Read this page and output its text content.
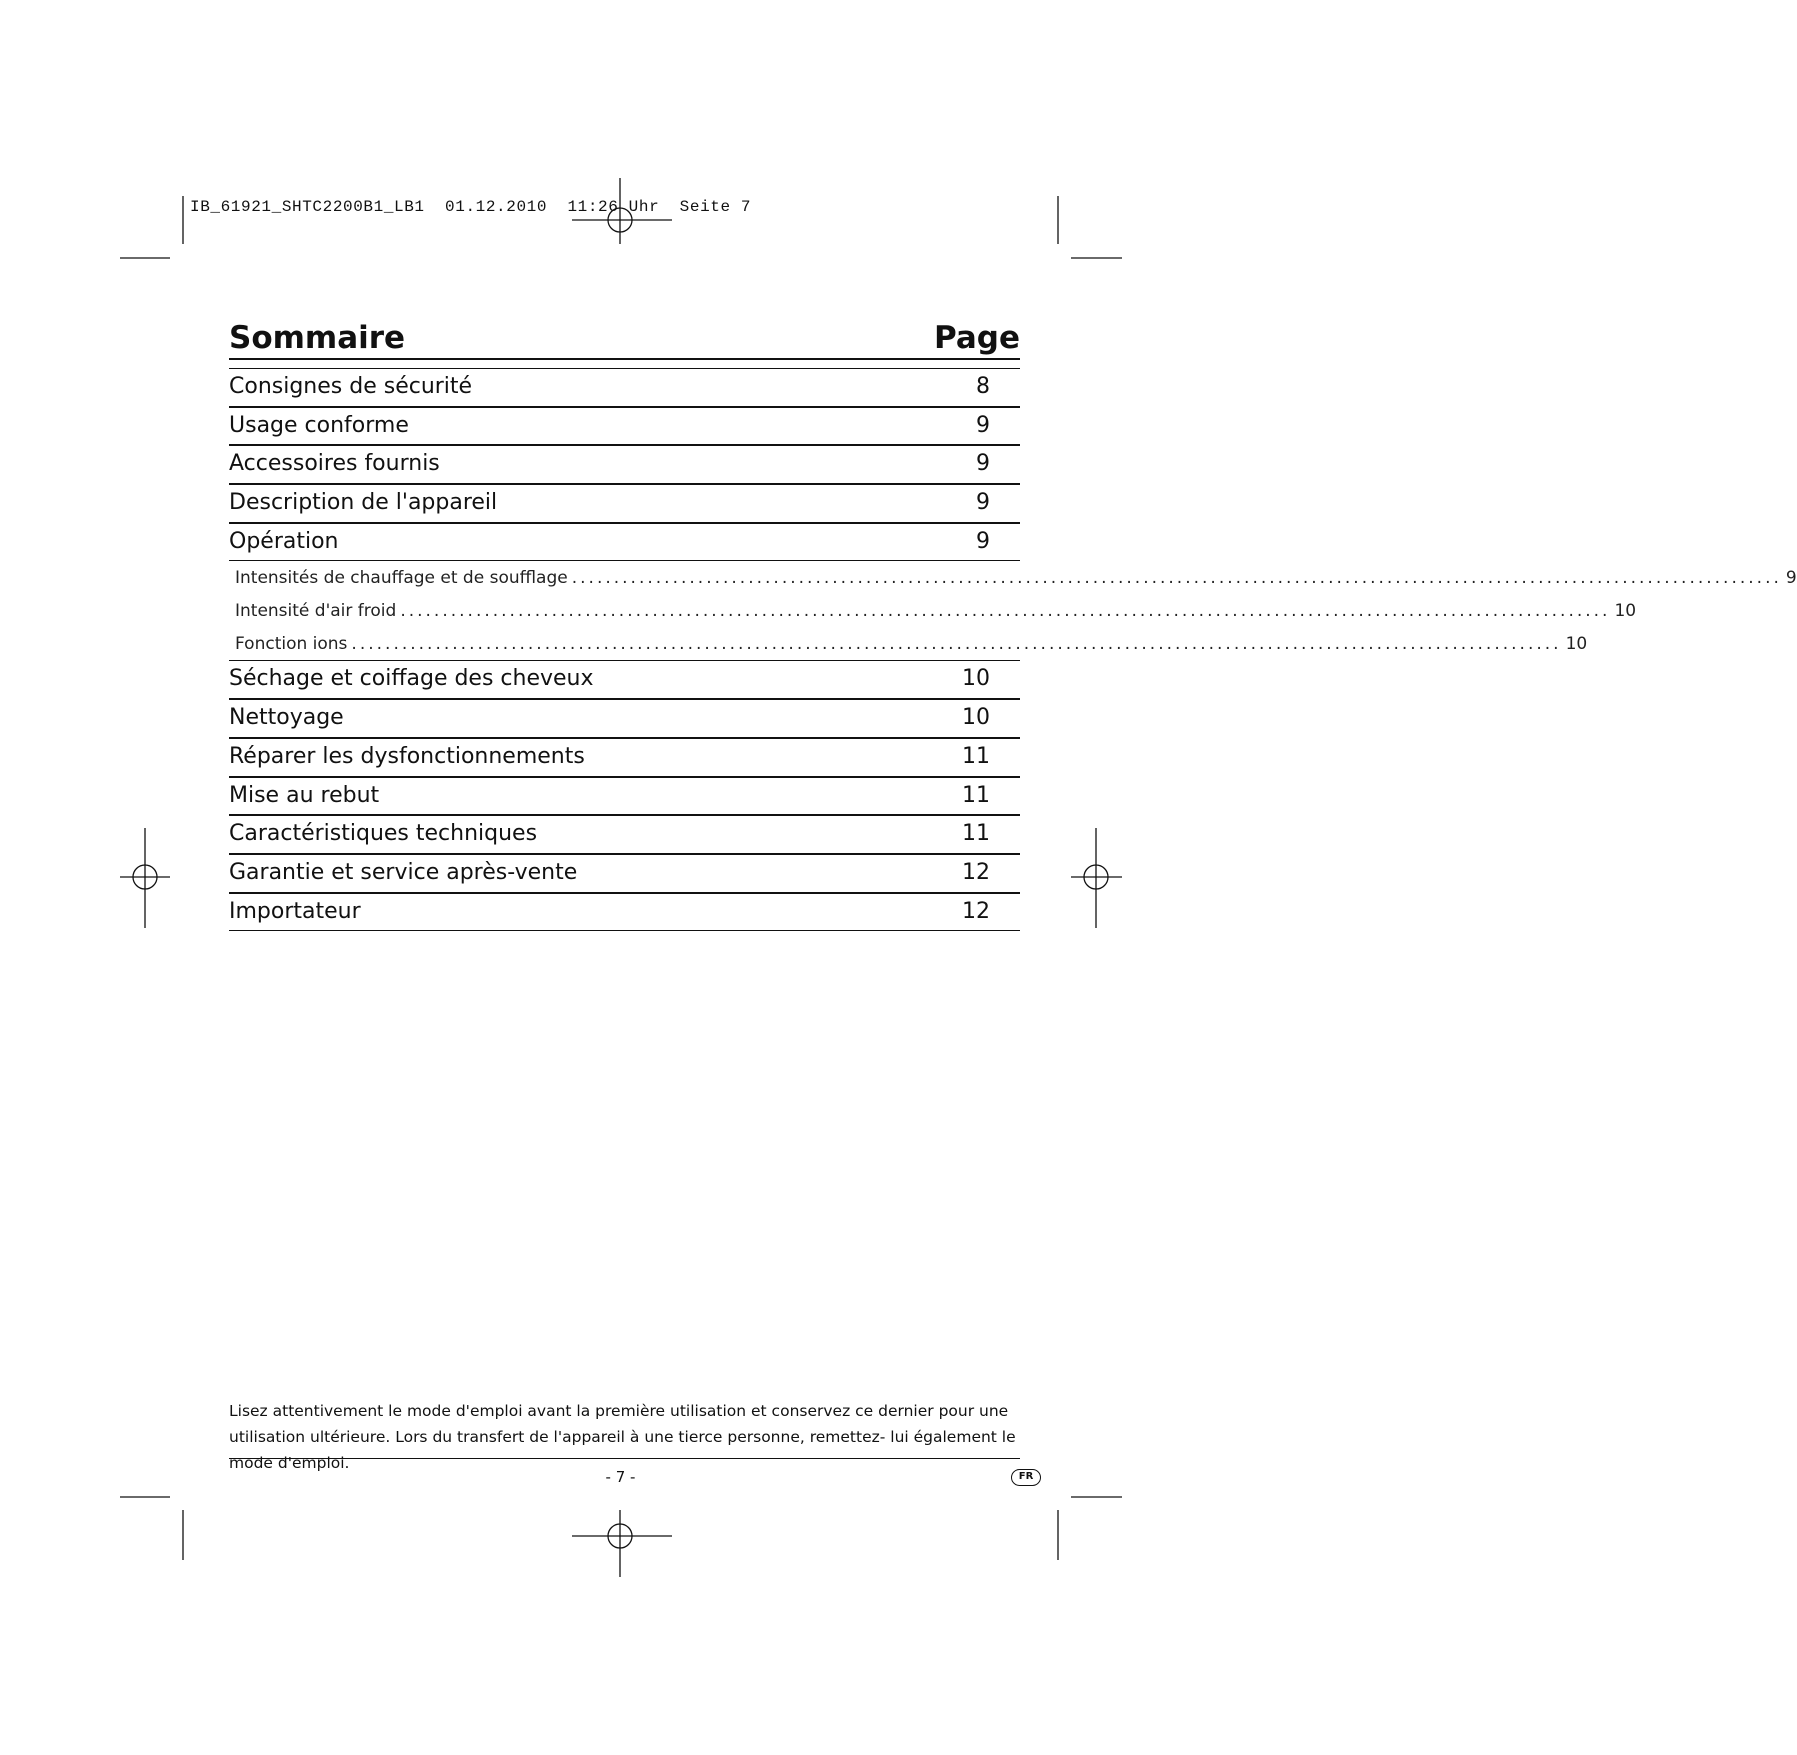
IB_61921_SHTC2200B1_LB1  01.12.2010  11:26 Uhr  Seite 7
Sommaire	Page
Consignes de sécurité	8
Usage conforme	9
Accessoires fournis	9
Description de l'appareil	9
Opération	9
Intensités de chauffage et de soufflage ................................................................................................................................................ 9
Intensité d'air froid ................................................................................................................................................ 10
Fonction ions ................................................................................................................................................ 10
Séchage et coiffage des cheveux	10
Nettoyage	10
Réparer les dysfonctionnements	11
Mise au rebut	11
Caractéristiques techniques	11
Garantie et service après-vente	12
Importateur	12
Lisez attentivement le mode d'emploi avant la première utilisation et conservez ce dernier pour une utilisation ultérieure. Lors du transfert de l'appareil à une tierce personne, remettez- lui également le mode d'emploi.
- 7 -	FR
